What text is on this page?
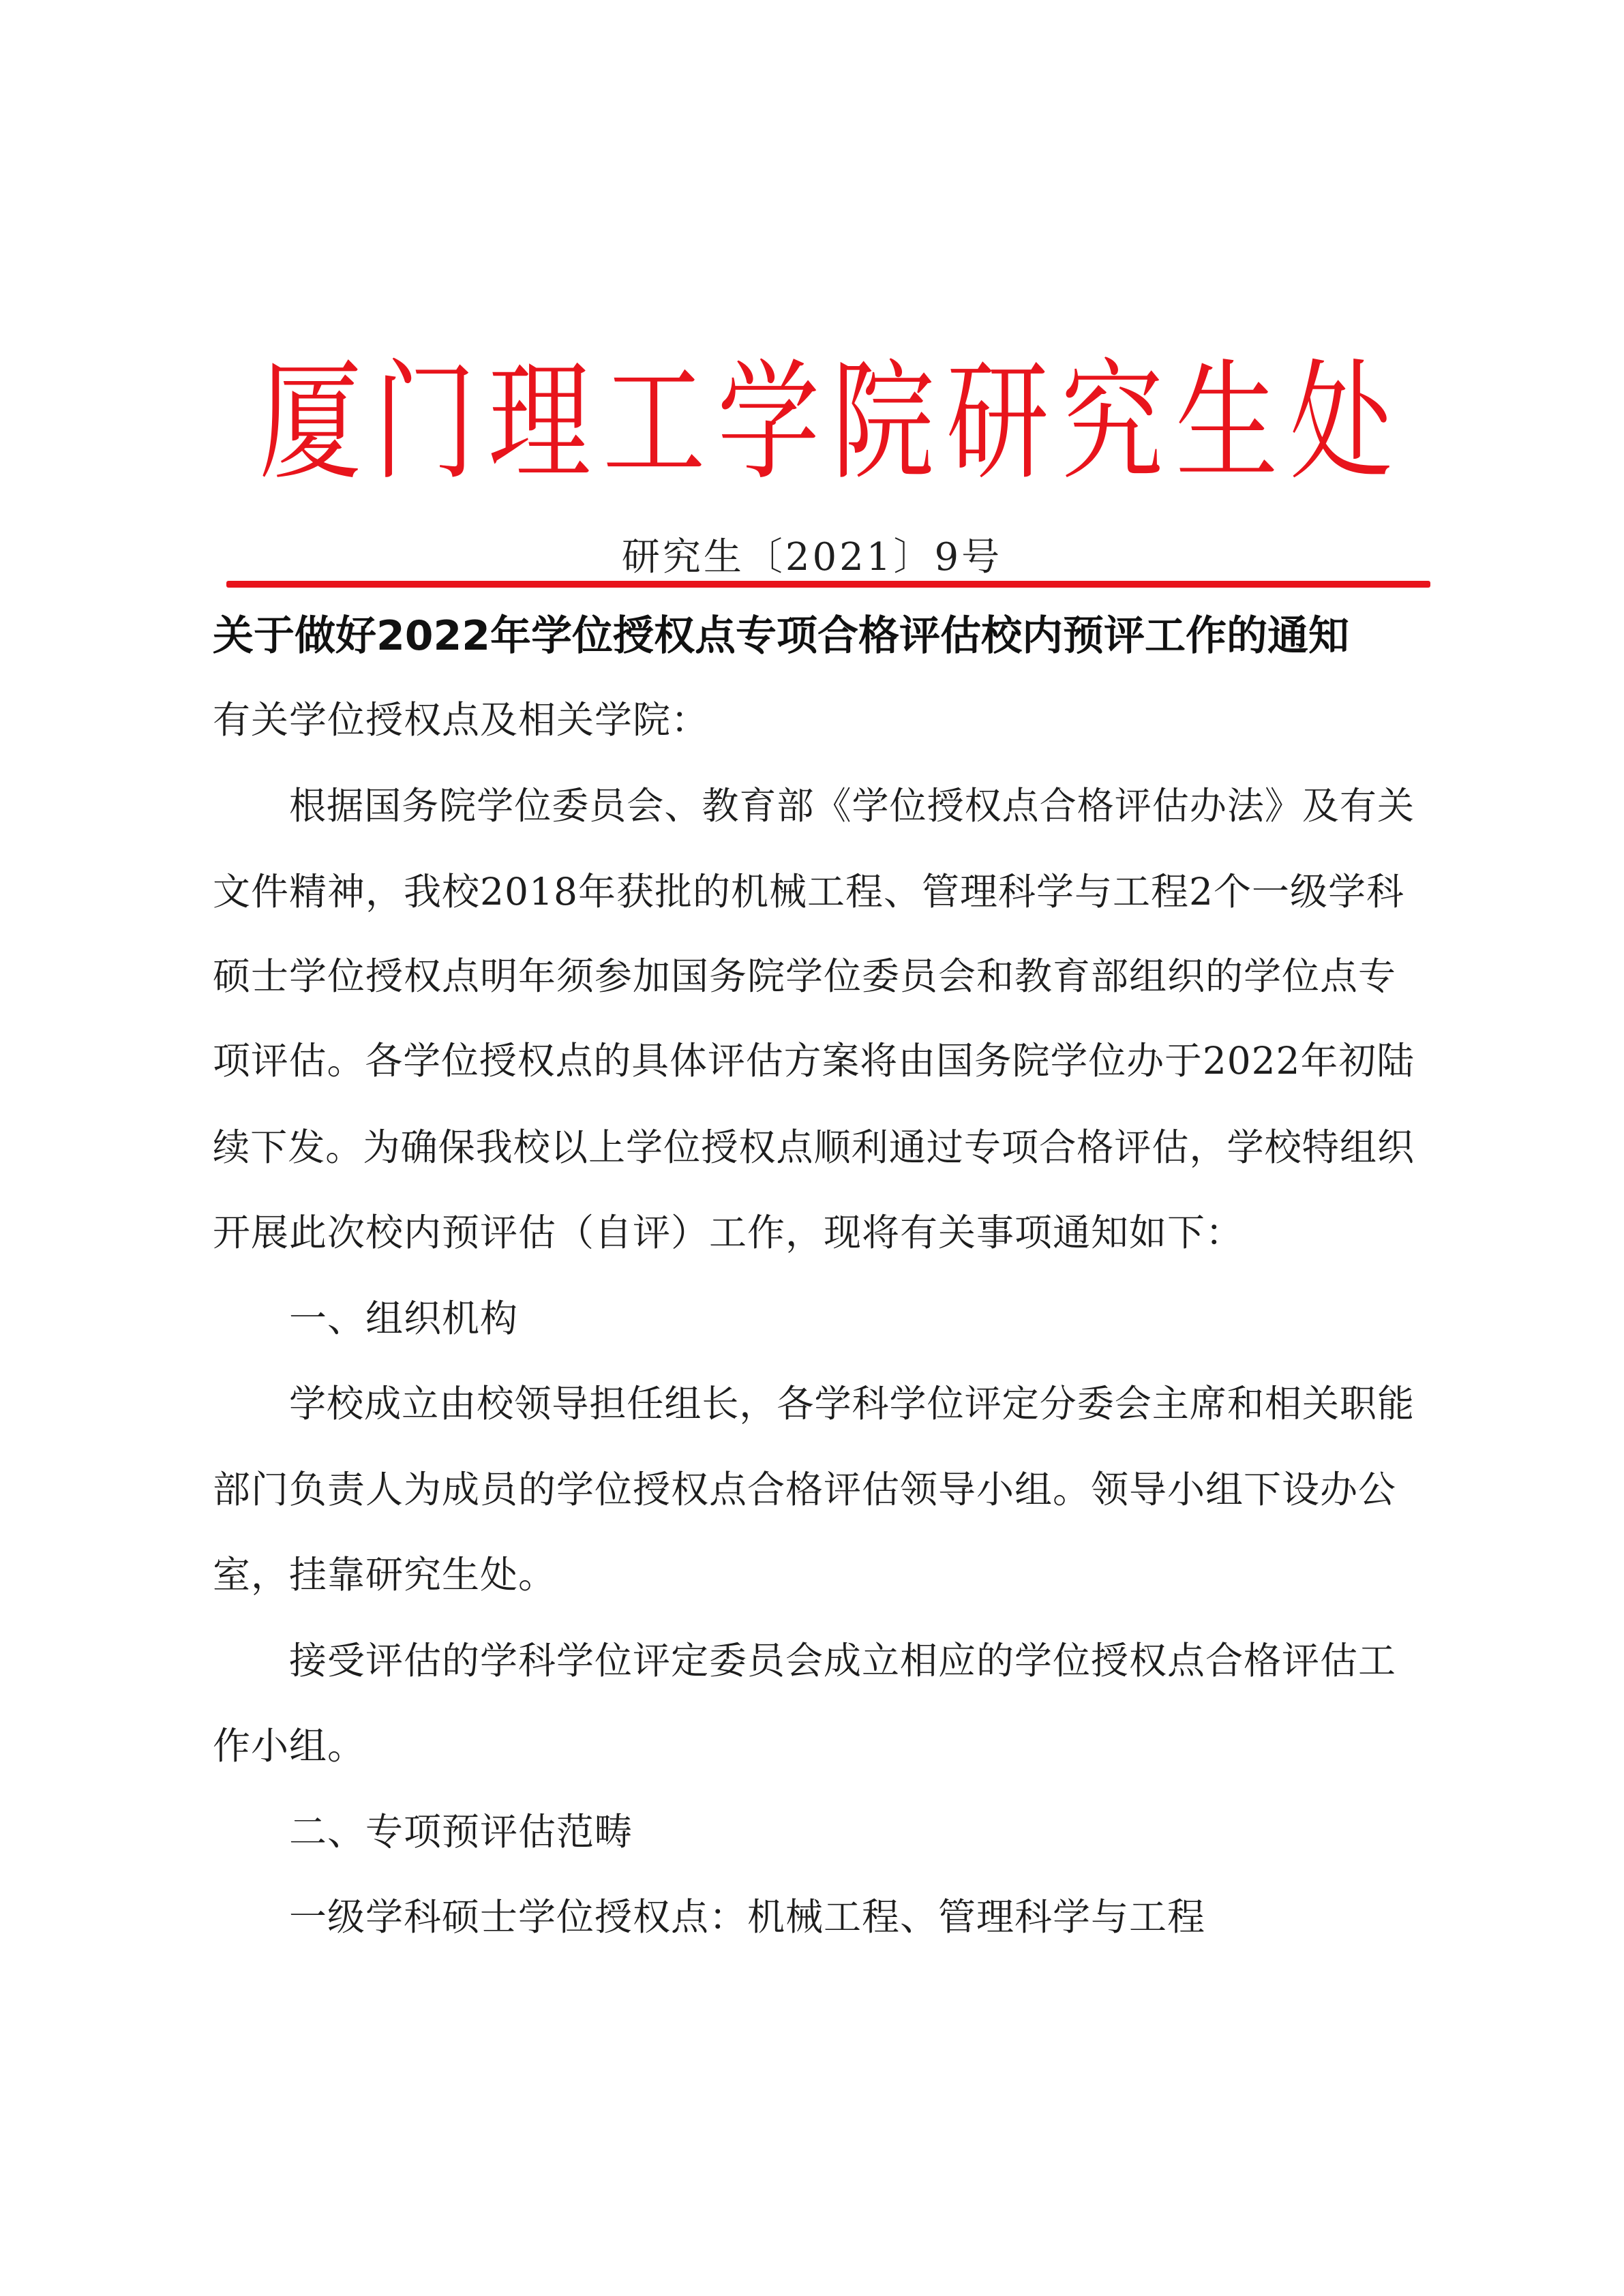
厦门理工学院研究生处
研究生〔2021〕9号
关于做好2022年学位授权点专项合格评估校内预评工作的通知
有关学位授权点及相关学院：
根据国务院学位委员会、教育部《学位授权点合格评估办法》及有关
文件精神，我校2018年获批的机械工程、管理科学与工程2个一级学科
硕士学位授权点明年须参加国务院学位委员会和教育部组织的学位点专
项评估。各学位授权点的具体评估方案将由国务院学位办于2022年初陆
续下发。为确保我校以上学位授权点顺利通过专项合格评估，学校特组织
开展此次校内预评估（自评）工作，现将有关事项通知如下：
一、组织机构
学校成立由校领导担任组长，各学科学位评定分委会主席和相关职能
部门负责人为成员的学位授权点合格评估领导小组。领导小组下设办公
室，挂靠研究生处。
接受评估的学科学位评定委员会成立相应的学位授权点合格评估工
作小组。
二、专项预评估范畴
一级学科硕士学位授权点：机械工程、管理科学与工程
